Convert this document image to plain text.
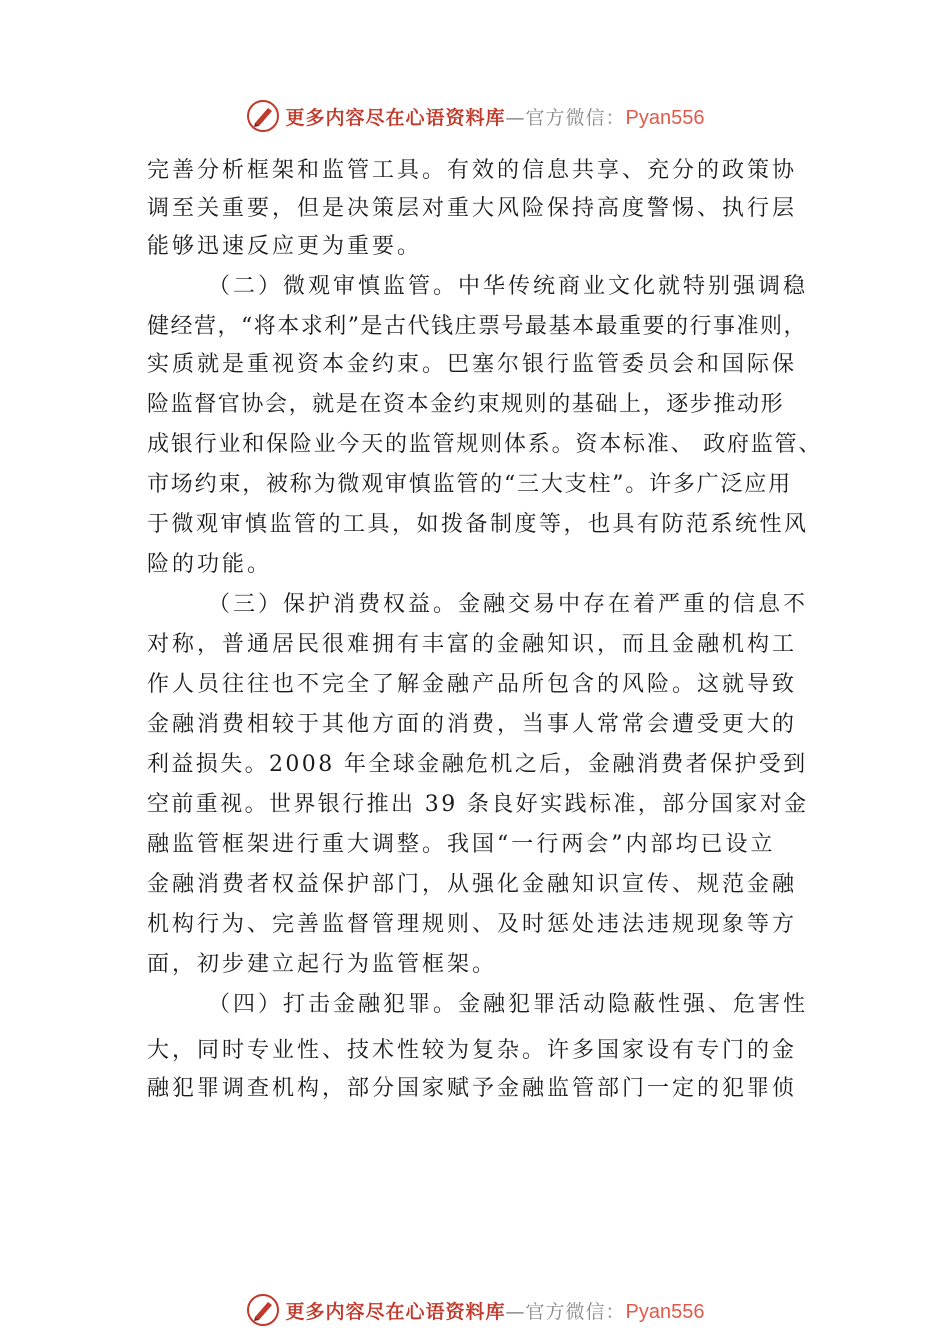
更多内容尽在心语资料库—官方微信：Pyan556
完善分析框架和监管工具。有效的信息共享、充分的政策协
调至关重要，但是决策层对重大风险保持高度警惕、执行层
能够迅速反应更为重要。
（二）微观审慎监管。中华传统商业文化就特别强调稳
健经营，“将本求利”是古代钱庄票号最基本最重要的行事准则，
实质就是重视资本金约束。巴塞尔银行监管委员会和国际保
险监督官协会，就是在资本金约束规则的基础上，逐步推动形
成银行业和保险业今天的监管规则体系。资本标准、 政府监管、
市场约束，被称为微观审慎监管的“三大支柱”。许多广泛应用
于微观审慎监管的工具，如拨备制度等，也具有防范系统性风
险的功能。
（三）保护消费权益。金融交易中存在着严重的信息不
对称，普通居民很难拥有丰富的金融知识，而且金融机构工
作人员往往也不完全了解金融产品所包含的风险。这就导致
金融消费相较于其他方面的消费，当事人常常会遭受更大的
利益损失。2008 年全球金融危机之后，金融消费者保护受到
空前重视。世界银行推出 39 条良好实践标准，部分国家对金
融监管框架进行重大调整。我国“一行两会”内部均已设立
金融消费者权益保护部门，从强化金融知识宣传、规范金融
机构行为、完善监督管理规则、及时惩处违法违规现象等方
面，初步建立起行为监管框架。
（四）打击金融犯罪。金融犯罪活动隐蔽性强、危害性
大，同时专业性、技术性较为复杂。许多国家设有专门的金
融犯罪调查机构，部分国家赋予金融监管部门一定的犯罪侦
更多内容尽在心语资料库—官方微信：Pyan556
